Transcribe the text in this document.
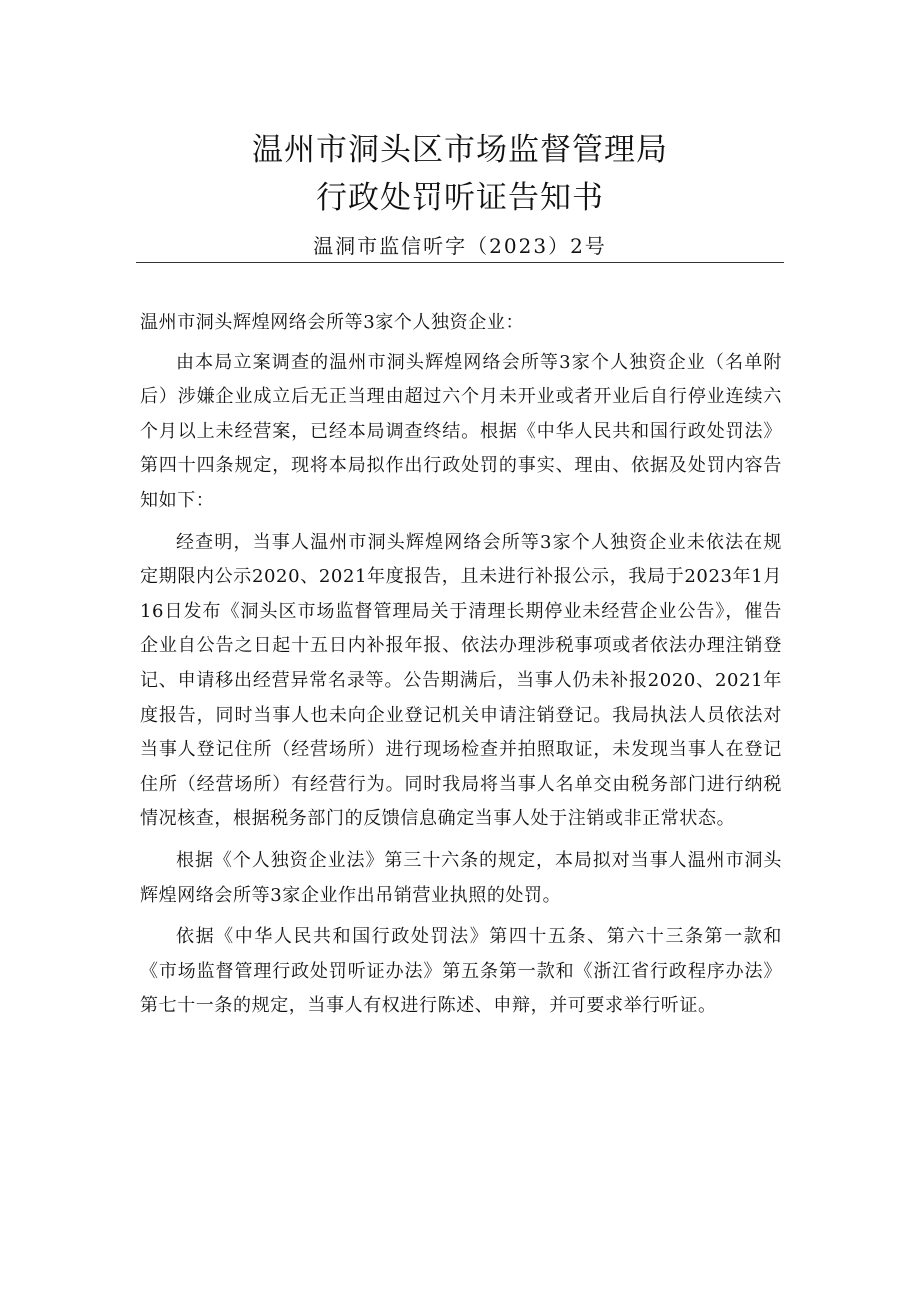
温州市洞头区市场监督管理局
行政处罚听证告知书
温洞市监信听字（2023）2号

温州市洞头辉煌网络会所等3家个人独资企业：

由本局立案调查的温州市洞头辉煌网络会所等3家个人独资企业（名单附后）涉嫌企业成立后无正当理由超过六个月未开业或者开业后自行停业连续六个月以上未经营案，已经本局调查终结。根据《中华人民共和国行政处罚法》第四十四条规定，现将本局拟作出行政处罚的事实、理由、依据及处罚内容告知如下：

经查明，当事人温州市洞头辉煌网络会所等3家个人独资企业未依法在规定期限内公示2020、2021年度报告，且未进行补报公示，我局于2023年1月16日发布《洞头区市场监督管理局关于清理长期停业未经营企业公告》，催告企业自公告之日起十五日内补报年报、依法办理涉税事项或者依法办理注销登记、申请移出经营异常名录等。公告期满后，当事人仍未补报2020、2021年度报告，同时当事人也未向企业登记机关申请注销登记。我局执法人员依法对当事人登记住所（经营场所）进行现场检查并拍照取证，未发现当事人在登记住所（经营场所）有经营行为。同时我局将当事人名单交由税务部门进行纳税情况核查，根据税务部门的反馈信息确定当事人处于注销或非正常状态。

根据《个人独资企业法》第三十六条的规定，本局拟对当事人温州市洞头辉煌网络会所等3家企业作出吊销营业执照的处罚。

依据《中华人民共和国行政处罚法》第四十五条、第六十三条第一款和《市场监督管理行政处罚听证办法》第五条第一款和《浙江省行政程序办法》第七十一条的规定，当事人有权进行陈述、申辩，并可要求举行听证。
